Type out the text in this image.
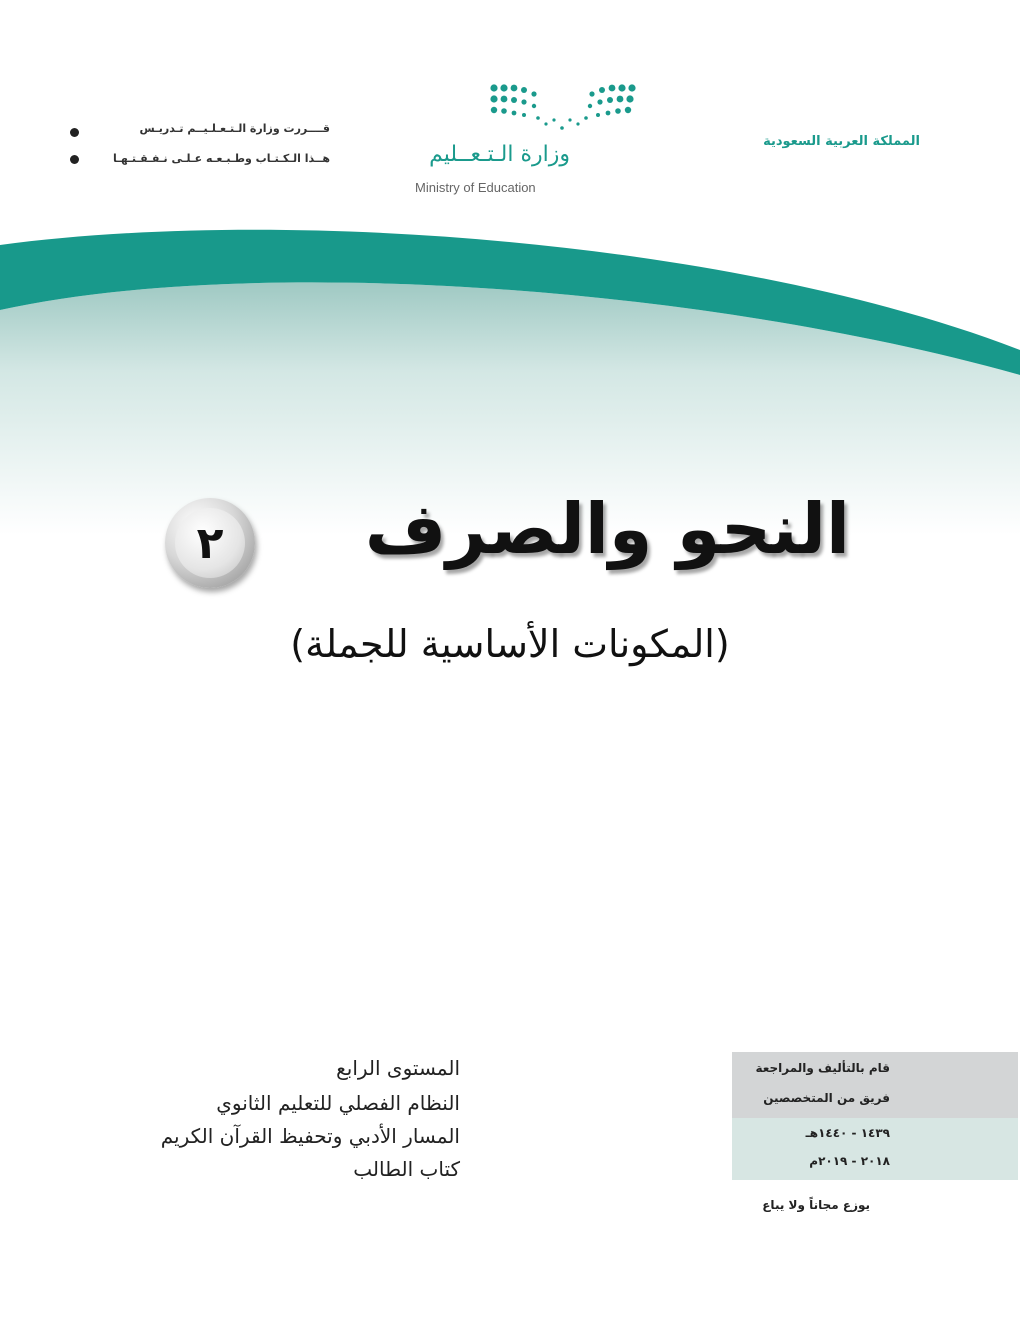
المملكة العربية السعودية
قــــررت وزارة الـتـعـلـيــم تـدريـس
هــذا الـكـتـاب وطـبـعـه عـلـى نـفـقـتـهـا	وزارة الـتـعــليم
Ministry of Education
النحو والصرف
٢
(المكونات الأساسية للجملة)
المستوى الرابع
النظام الفصلي للتعليم الثانوي
المسار الأدبي وتحفيظ القرآن الكريم
كتاب الطالب
قام بالتأليف والمراجعة
فريق من المتخصصين
١٤٣٩ - ١٤٤٠هـ
٢٠١٨ - ٢٠١٩م
يوزع مجاناً ولا يباع
